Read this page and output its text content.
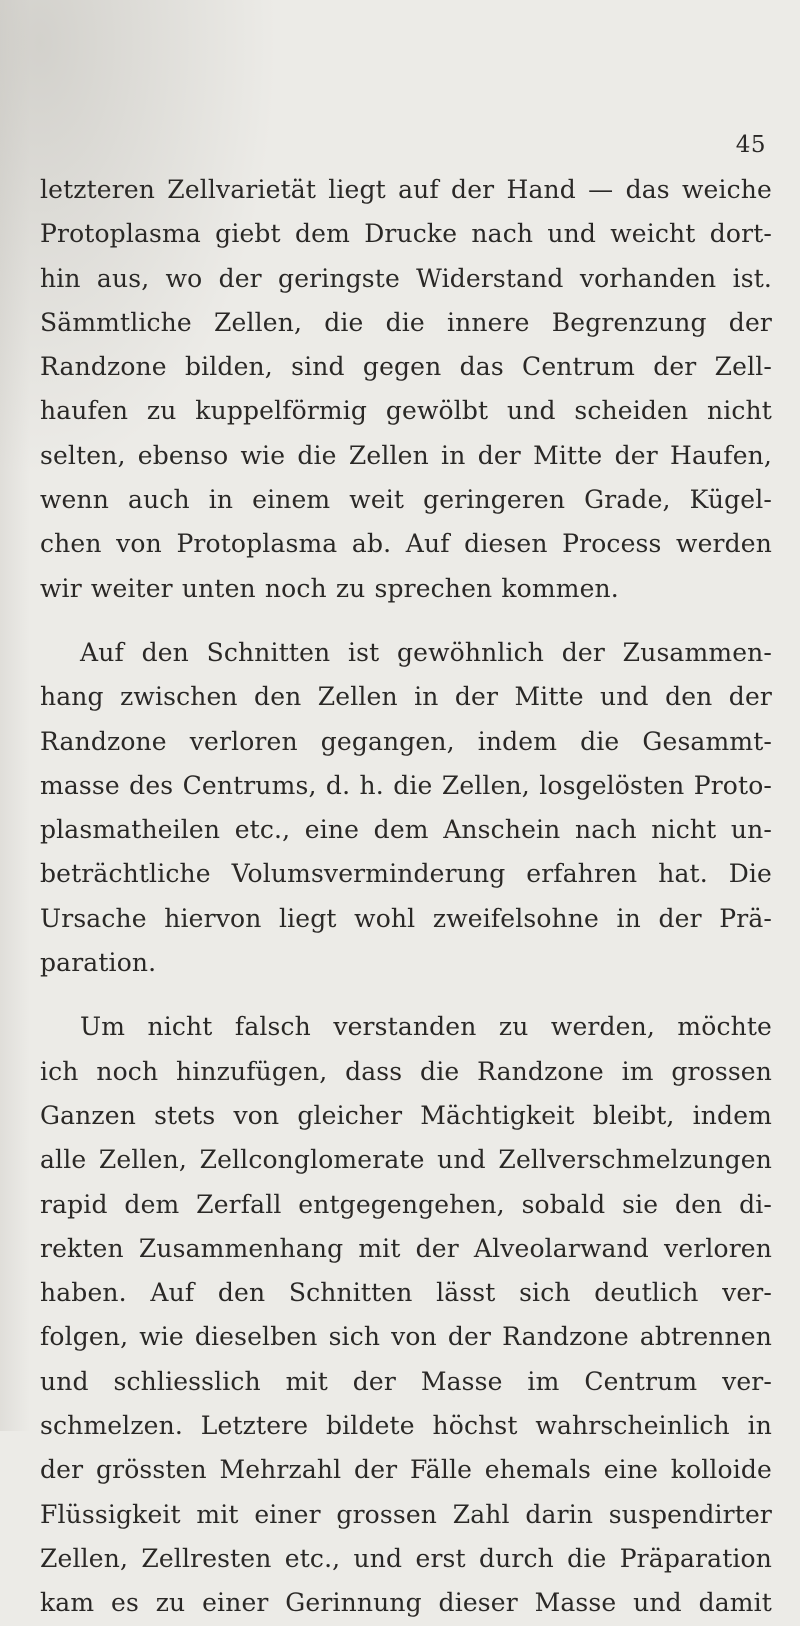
45
letzteren Zellvarietät liegt auf der Hand — das weiche
Protoplasma giebt dem Drucke nach und weicht dort-
hin aus, wo der geringste Widerstand vorhanden ist.
Sämmtliche Zellen, die die innere Begrenzung der
Randzone bilden, sind gegen das Centrum der Zell-
haufen zu kuppelförmig gewölbt und scheiden nicht
selten, ebenso wie die Zellen in der Mitte der Haufen,
wenn auch in einem weit geringeren Grade, Kügel-
chen von Protoplasma ab. Auf diesen Process werden
wir weiter unten noch zu sprechen kommen.
Auf den Schnitten ist gewöhnlich der Zusammen-
hang zwischen den Zellen in der Mitte und den der
Randzone verloren gegangen, indem die Gesammt-
masse des Centrums, d. h. die Zellen, losgelösten Proto-
plasmatheilen etc., eine dem Anschein nach nicht un-
beträchtliche Volumsverminderung erfahren hat. Die
Ursache hiervon liegt wohl zweifelsohne in der Prä-
paration.
Um nicht falsch verstanden zu werden, möchte
ich noch hinzufügen, dass die Randzone im grossen
Ganzen stets von gleicher Mächtigkeit bleibt, indem
alle Zellen, Zellconglomerate und Zellverschmelzungen
rapid dem Zerfall entgegengehen, sobald sie den di-
rekten Zusammenhang mit der Alveolarwand verloren
haben. Auf den Schnitten lässt sich deutlich ver-
folgen, wie dieselben sich von der Randzone abtrennen
und schliesslich mit der Masse im Centrum ver-
schmelzen. Letztere bildete höchst wahrscheinlich in
der grössten Mehrzahl der Fälle ehemals eine kolloide
Flüssigkeit mit einer grossen Zahl darin suspendirter
Zellen, Zellresten etc., und erst durch die Präparation
kam es zu einer Gerinnung dieser Masse und damit
